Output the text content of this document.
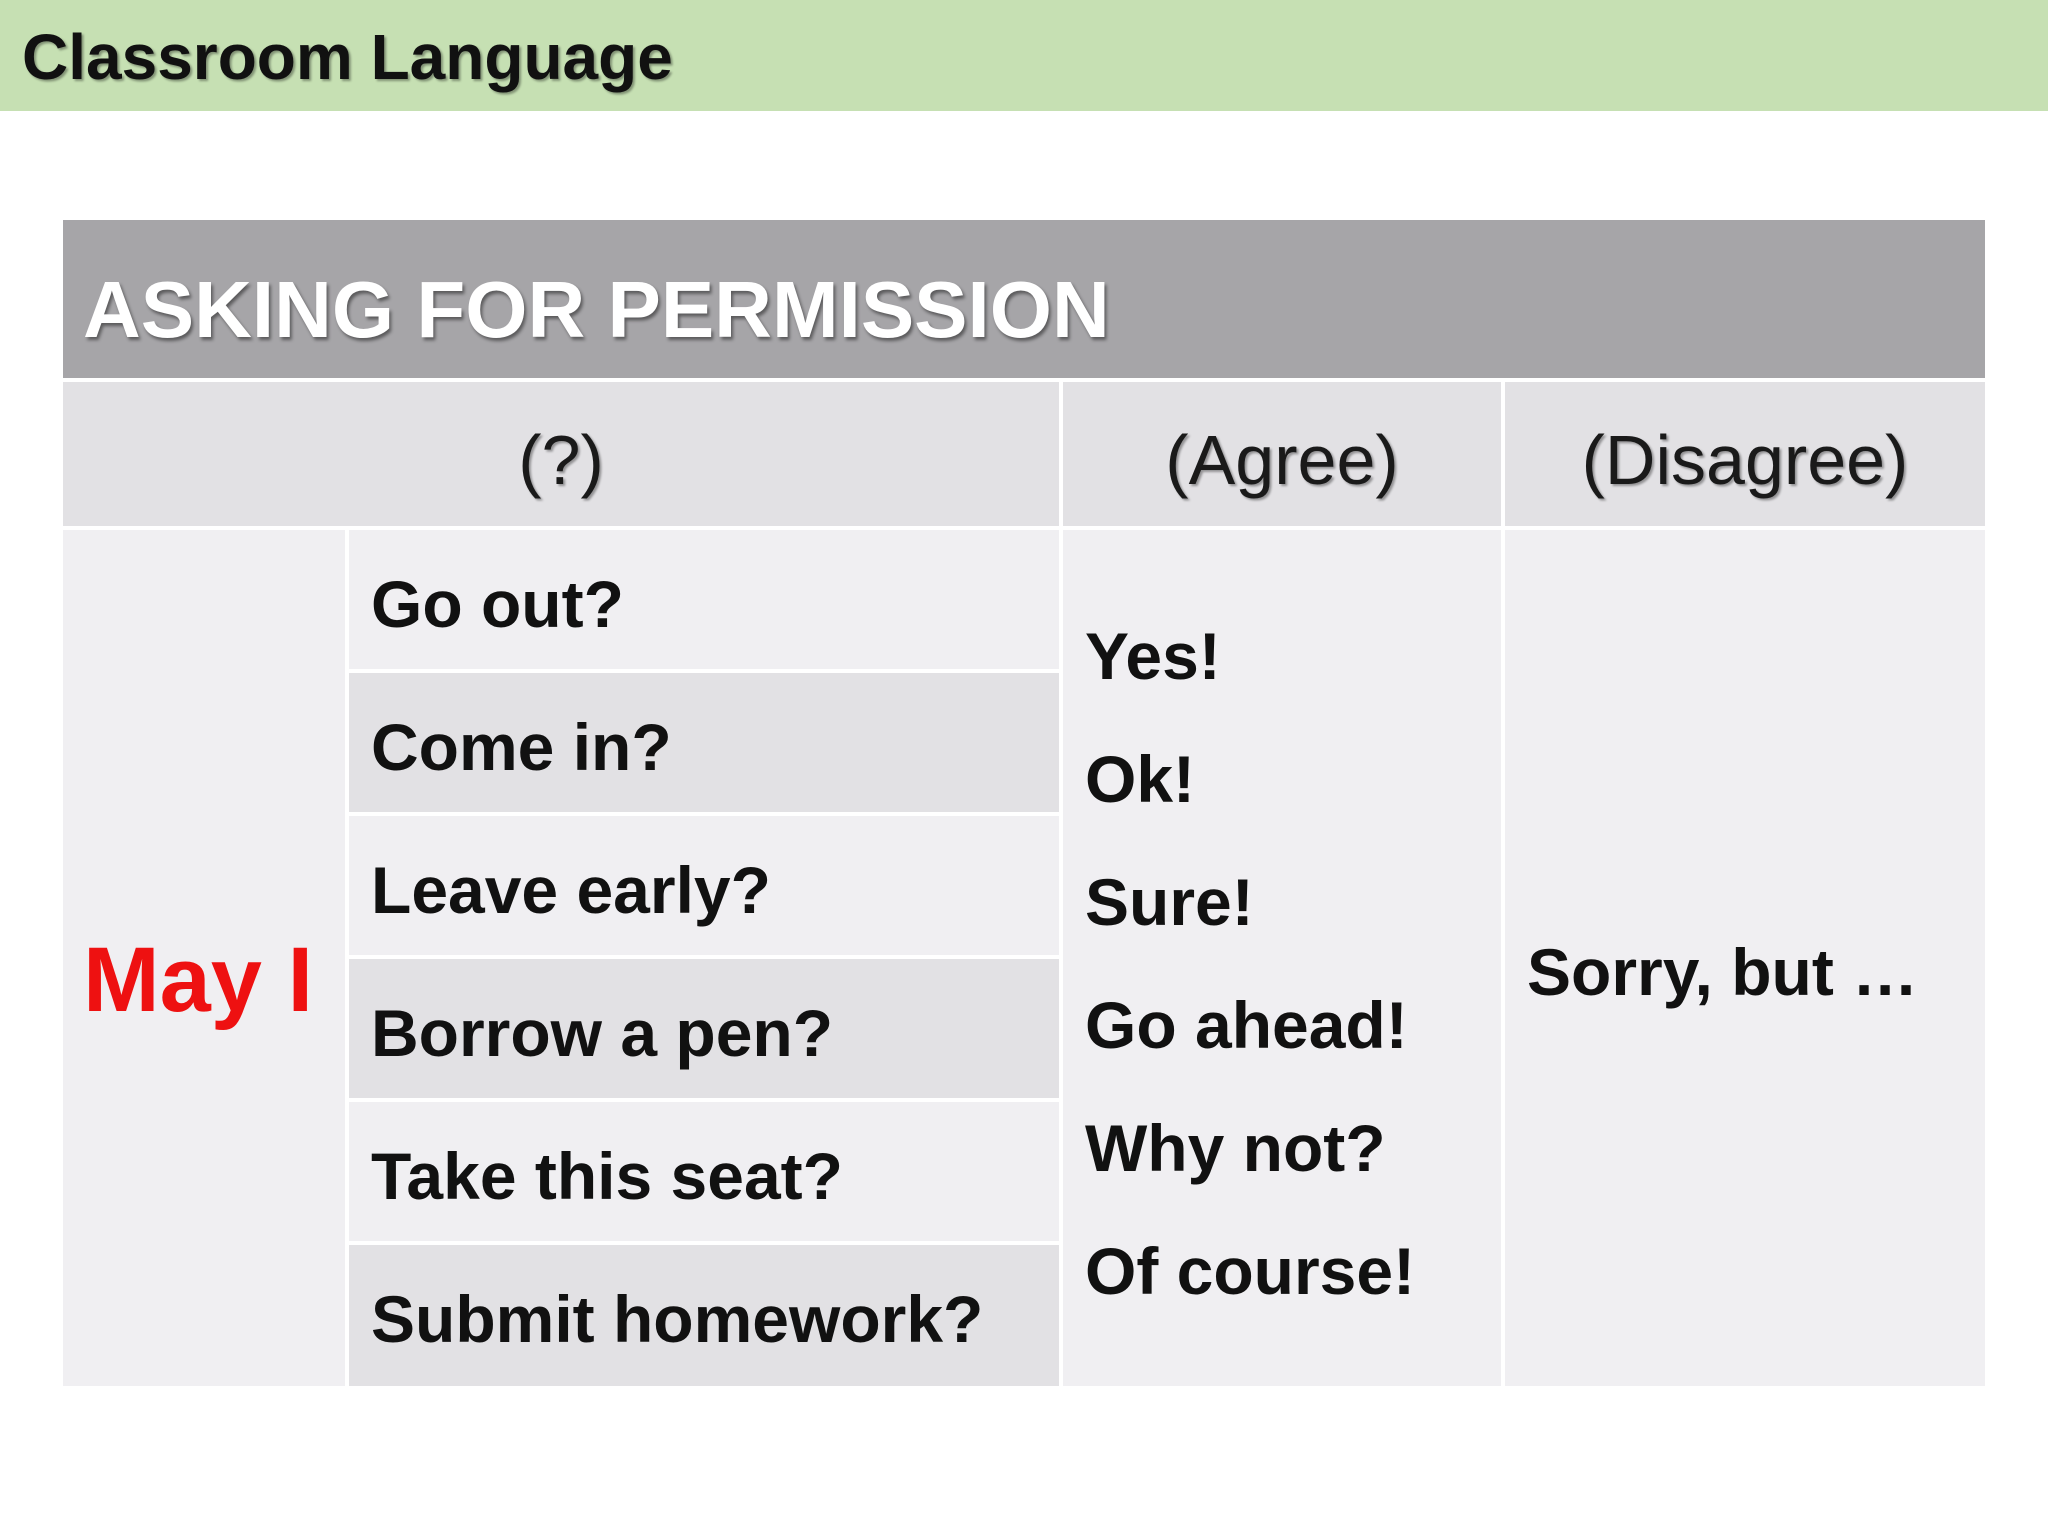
Classroom Language
ASKING FOR PERMISSION
(?)	(Agree)	(Disagree)
May I
Go out?
Come in?
Leave early?
Borrow a pen?
Take this seat?
Submit homework?
Yes!
Ok!
Sure!
Go ahead!
Why not?
Of course!
Sorry, but …
